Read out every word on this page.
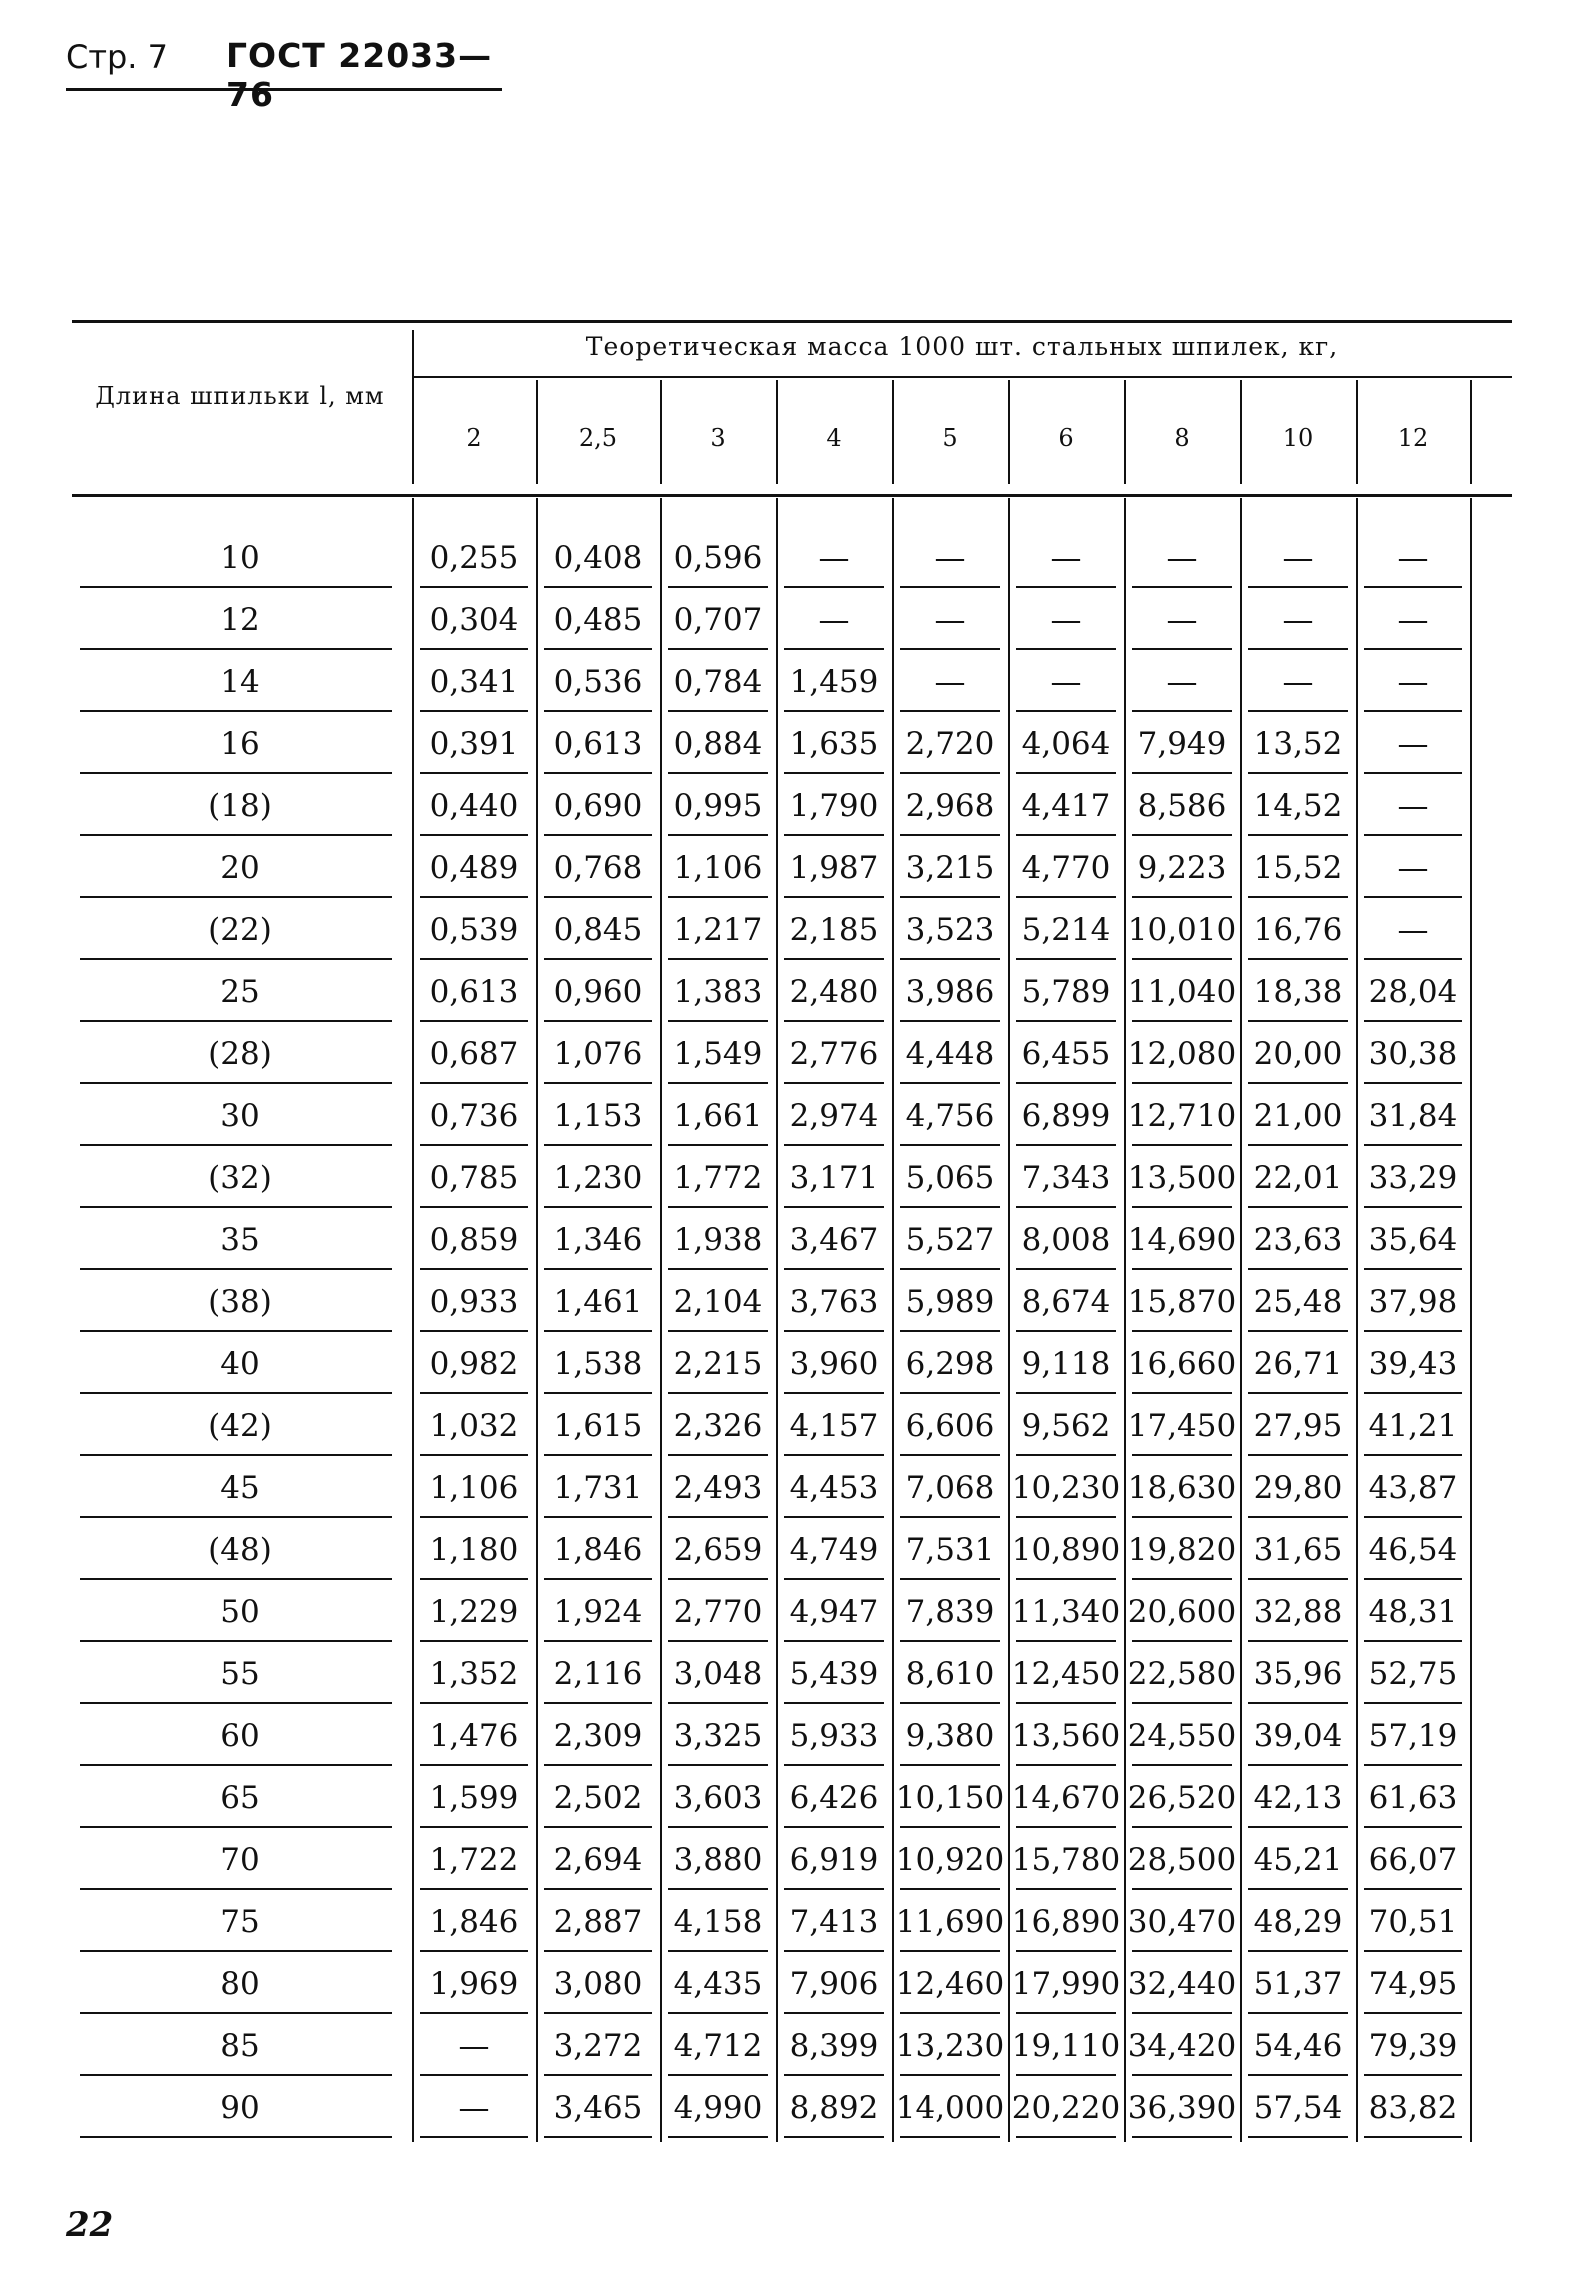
Стр. 7 ГОСТ 22033—76
Длина шпильки l, мм
Теоретическая масса 1000 шт. стальных шпилек, кг,
2	2,5	3	4	5	6	8	10	12
10	0,255	0,408	0,596	—	—	—	—	—	—
12	0,304	0,485	0,707	—	—	—	—	—	—
14	0,341	0,536	0,784 1,459	—	—	—	—	—
16	0,391	0,613	0,884 1,635 2,720 4,064 7,949 13,52	—
(18)	0,440	0,690	0,995 1,790 2,968 4,417 8,586 14,52	—
20	0,489	0,768	1,106 1,987 3,215 4,770 9,223 15,52	—
(22)	0,539	0,845	1,217 2,185 3,523 5,214 10,010 16,76	—
25	0,613	0,960	1,383 2,480 3,986 5,789 11,040 18,38 28,04
(28)	0,687	1,076	1,549 2,776 4,448 6,455 12,080 20,00 30,38
30	0,736	1,153	1,661 2,974 4,756 6,899 12,710 21,00 31,84
(32)	0,785	1,230	1,772 3,171 5,065 7,343 13,500 22,01 33,29
35	0,859	1,346	1,938 3,467 5,527 8,008 14,690 23,63 35,64
(38)	0,933	1,461	2,104 3,763 5,989 8,674 15,870 25,48 37,98
40	0,982	1,538	2,215 3,960 6,298 9,118 16,660 26,71 39,43
(42)	1,032	1,615	2,326 4,157 6,606 9,562 17,450 27,95 41,21
45	1,106	1,731	2,493 4,453 7,068 10,230 18,630 29,80 43,87
(48)	1,180	1,846	2,659 4,749 7,531 10,890 19,820 31,65 46,54
50	1,229	1,924	2,770 4,947 7,839 11,340 20,600 32,88 48,31
55	1,352	2,116	3,048 5,439 8,610 12,450 22,580 35,96 52,75
60	1,476	2,309	3,325 5,933 9,380 13,560 24,550 39,04 57,19
65	1,599	2,502	3,603 6,426 10,150 14,670 26,520 42,13 61,63
70	1,722	2,694	3,880 6,919 10,920 15,780 28,500 45,21 66,07
75	1,846	2,887	4,158 7,413 11,690 16,890 30,470 48,29 70,51
80	1,969	3,080	4,435 7,906 12,460 17,990 32,440 51,37 74,95
85	—	3,272	4,712 8,399 13,230 19,110 34,420 54,46 79,39
90	—	3,465	4,990 8,892 14,000 20,220 36,390 57,54 83,82
22
